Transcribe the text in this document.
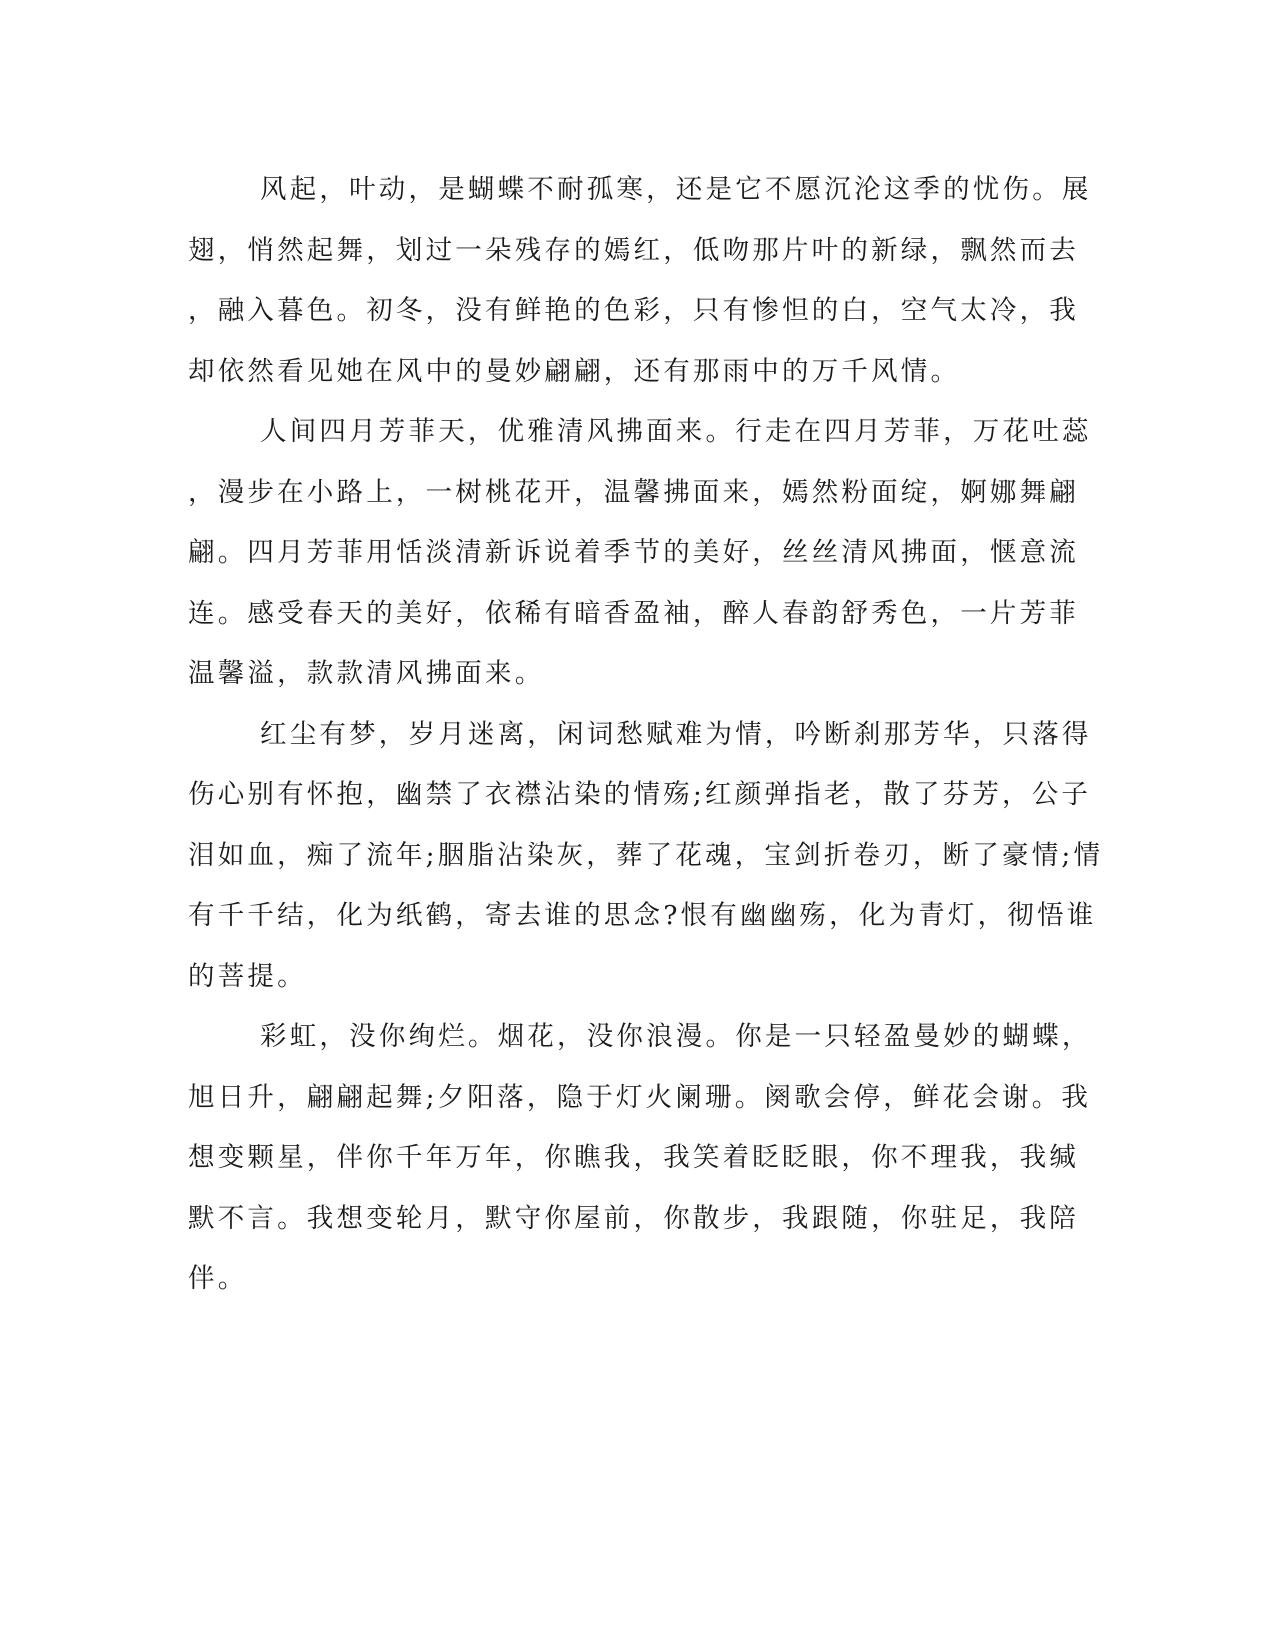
风起，叶动，是蝴蝶不耐孤寒，还是它不愿沉沦这季的忧伤。展
翅，悄然起舞，划过一朵残存的嫣红，低吻那片叶的新绿，飘然而去
，融入暮色。初冬，没有鲜艳的色彩，只有惨怛的白，空气太冷，我
却依然看见她在风中的曼妙翩翩，还有那雨中的万千风情。

人间四月芳菲天，优雅清风拂面来。行走在四月芳菲，万花吐蕊
，漫步在小路上，一树桃花开，温馨拂面来，嫣然粉面绽，婀娜舞翩
翩。四月芳菲用恬淡清新诉说着季节的美好，丝丝清风拂面，惬意流
连。感受春天的美好，依稀有暗香盈袖，醉人春韵舒秀色，一片芳菲
温馨溢，款款清风拂面来。

红尘有梦，岁月迷离，闲词愁赋难为情，吟断刹那芳华，只落得
伤心别有怀抱，幽禁了衣襟沾染的情殇;红颜弹指老，散了芬芳，公子
泪如血，痴了流年;胭脂沾染灰，葬了花魂，宝剑折卷刃，断了豪情;情
有千千结，化为纸鹤，寄去谁的思念?恨有幽幽殇，化为青灯，彻悟谁
的菩提。

彩虹，没你绚烂。烟花，没你浪漫。你是一只轻盈曼妙的蝴蝶，
旭日升，翩翩起舞;夕阳落，隐于灯火阑珊。阕歌会停，鲜花会谢。我
想变颗星，伴你千年万年，你瞧我，我笑着眨眨眼，你不理我，我缄
默不言。我想变轮月，默守你屋前，你散步，我跟随，你驻足，我陪
伴。
